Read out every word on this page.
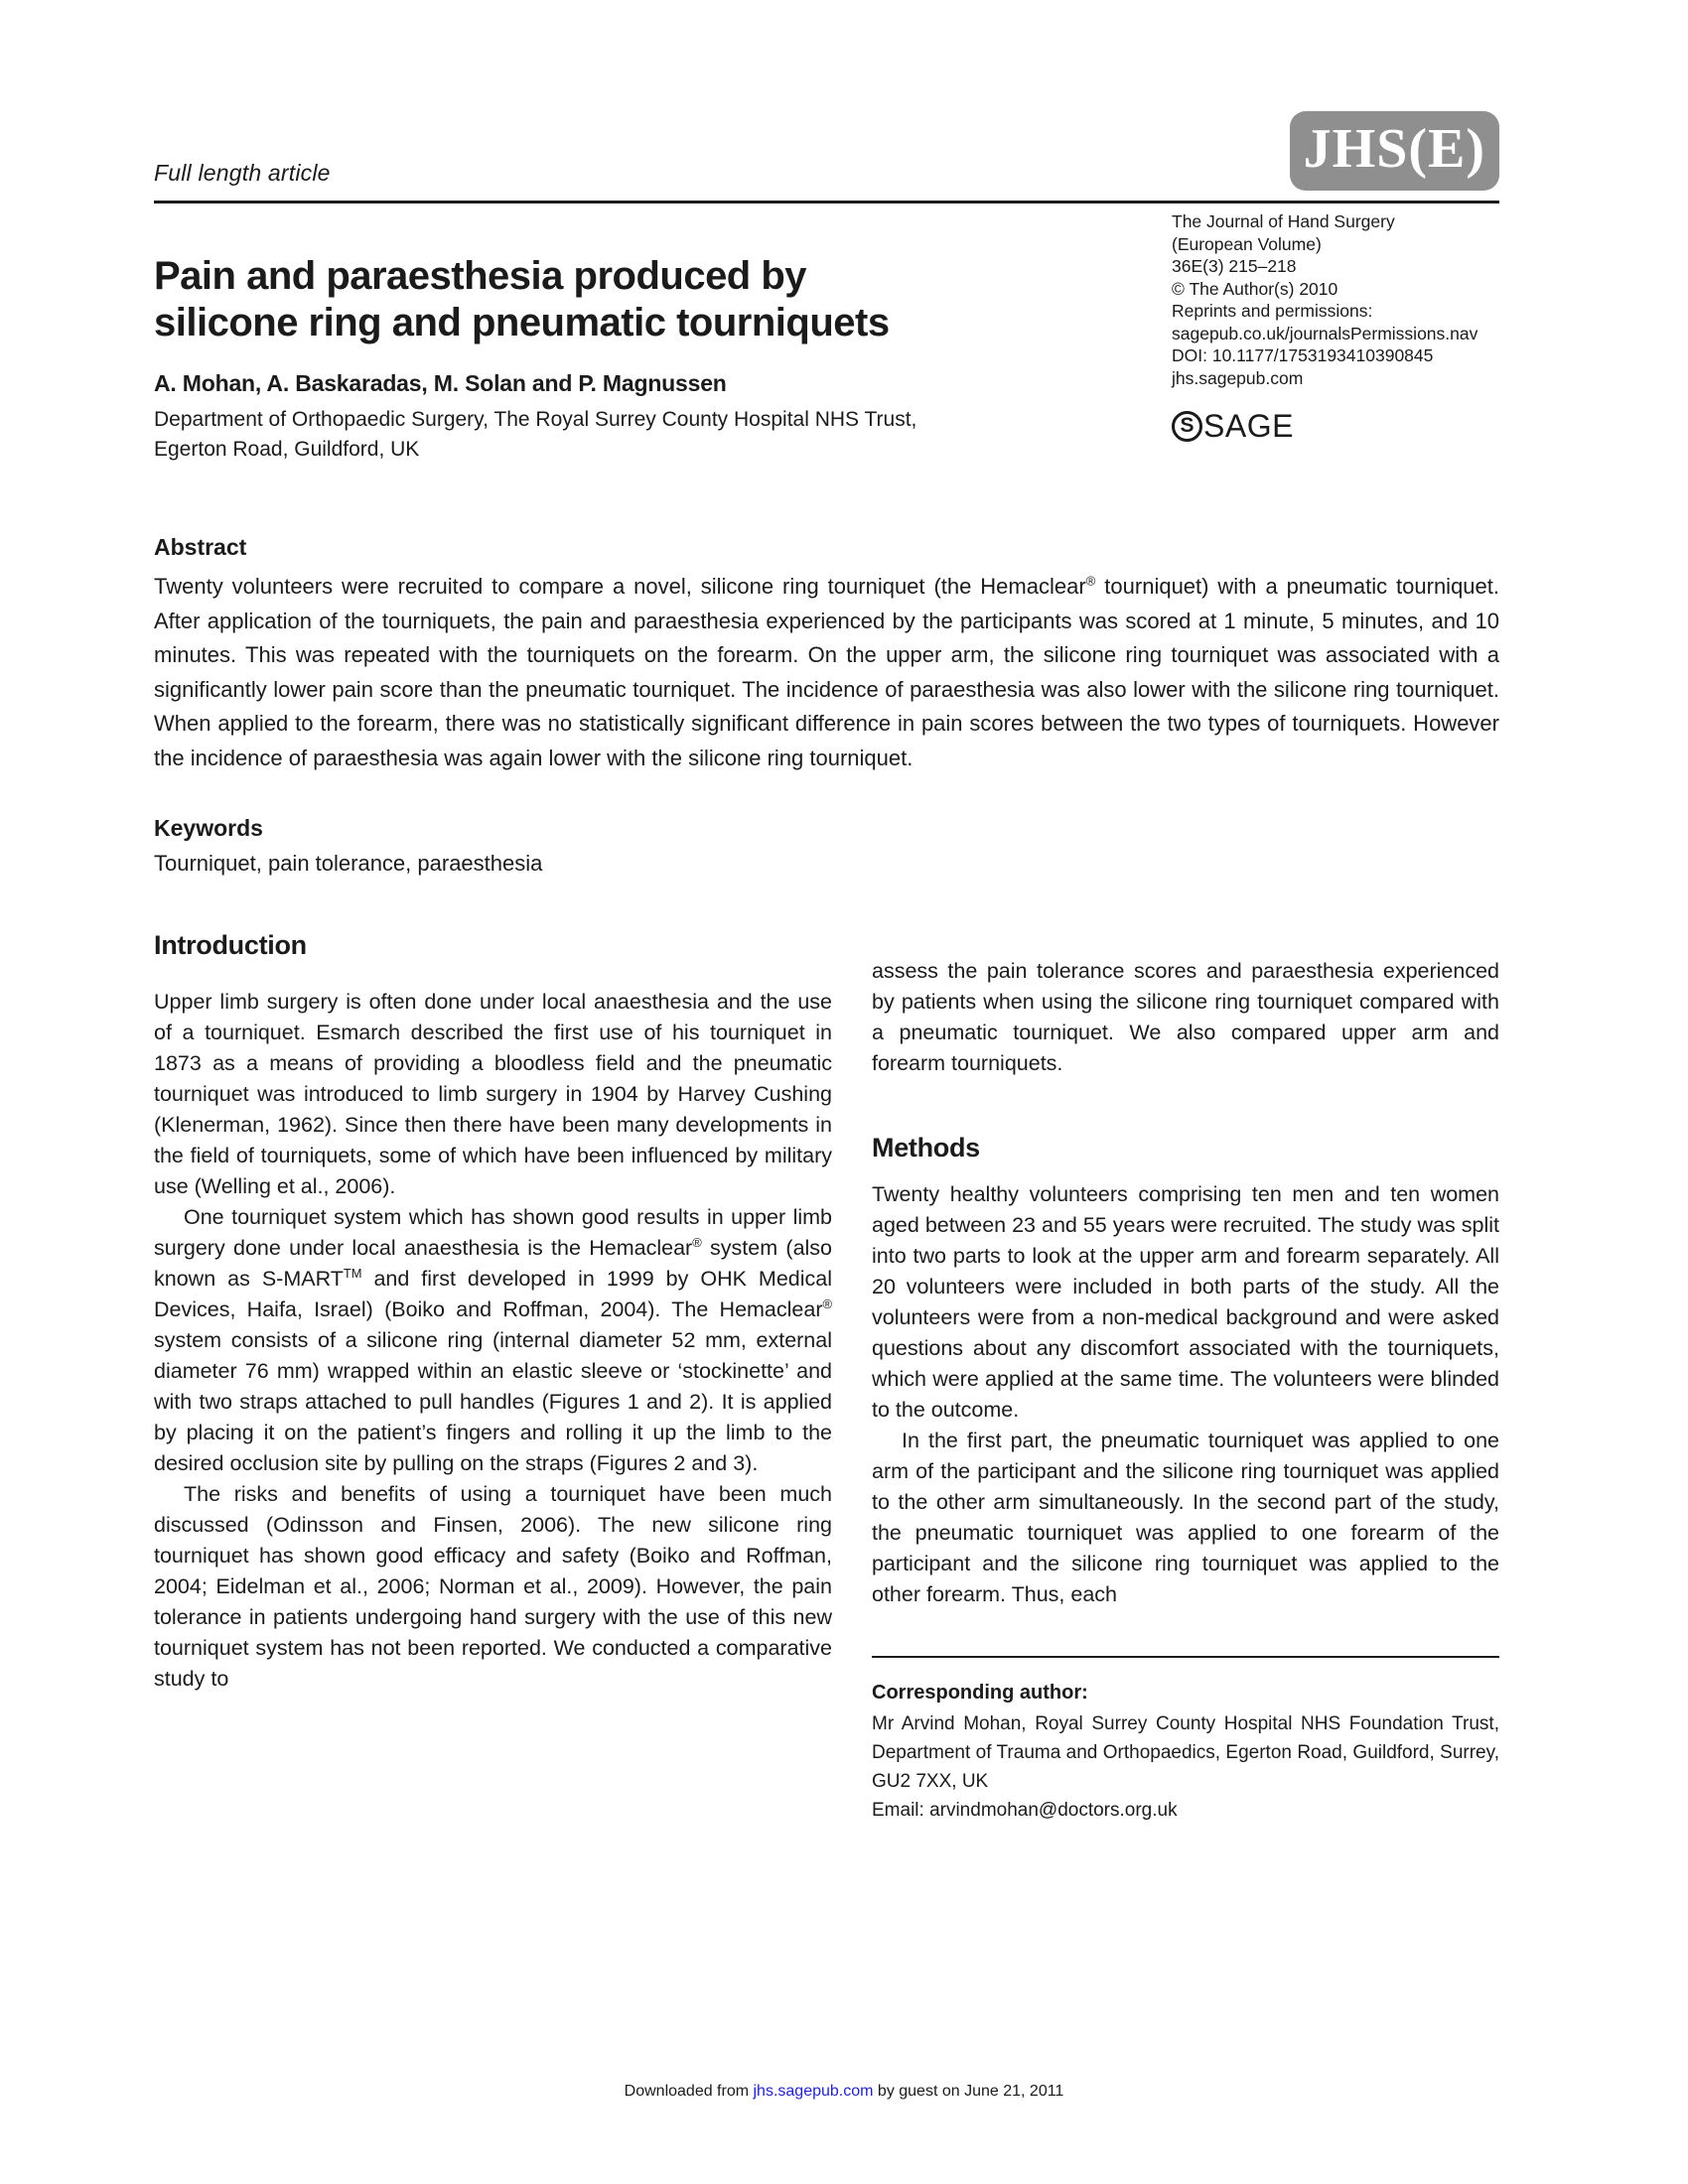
Full length article	JHS(E)
Pain and paraesthesia produced by silicone ring and pneumatic tourniquets
A. Mohan, A. Baskaradas, M. Solan and P. Magnussen
Department of Orthopaedic Surgery, The Royal Surrey County Hospital NHS Trust, Egerton Road, Guildford, UK
The Journal of Hand Surgery
(European Volume)
36E(3) 215–218
© The Author(s) 2010
Reprints and permissions:
sagepub.co.uk/journalsPermissions.nav
DOI: 10.1177/1753193410390845
jhs.sagepub.com
S SAGE
Abstract

Twenty volunteers were recruited to compare a novel, silicone ring tourniquet (the Hemaclear® tourniquet) with a pneumatic tourniquet. After application of the tourniquets, the pain and paraesthesia experienced by the participants was scored at 1 minute, 5 minutes, and 10 minutes. This was repeated with the tourniquets on the forearm. On the upper arm, the silicone ring tourniquet was associated with a significantly lower pain score than the pneumatic tourniquet. The incidence of paraesthesia was also lower with the silicone ring tourniquet. When applied to the forearm, there was no statistically significant difference in pain scores between the two types of tourniquets. However the incidence of paraesthesia was again lower with the silicone ring tourniquet.

Keywords
Tourniquet, pain tolerance, paraesthesia
Introduction

Upper limb surgery is often done under local anaesthesia and the use of a tourniquet. Esmarch described the first use of his tourniquet in 1873 as a means of providing a bloodless field and the pneumatic tourniquet was introduced to limb surgery in 1904 by Harvey Cushing (Klenerman, 1962). Since then there have been many developments in the field of tourniquets, some of which have been influenced by military use (Welling et al., 2006).

One tourniquet system which has shown good results in upper limb surgery done under local anaesthesia is the Hemaclear® system (also known as S-MART™ and first developed in 1999 by OHK Medical Devices, Haifa, Israel) (Boiko and Roffman, 2004). The Hemaclear® system consists of a silicone ring (internal diameter 52 mm, external diameter 76 mm) wrapped within an elastic sleeve or ‘stockinette’ and with two straps attached to pull handles (Figures 1 and 2). It is applied by placing it on the patient’s fingers and rolling it up the limb to the desired occlusion site by pulling on the straps (Figures 2 and 3).

The risks and benefits of using a tourniquet have been much discussed (Odinsson and Finsen, 2006). The new silicone ring tourniquet has shown good efficacy and safety (Boiko and Roffman, 2004; Eidelman et al., 2006; Norman et al., 2009). However, the pain tolerance in patients undergoing hand surgery with the use of this new tourniquet system has not been reported. We conducted a comparative study to

assess the pain tolerance scores and paraesthesia experienced by patients when using the silicone ring tourniquet compared with a pneumatic tourniquet. We also compared upper arm and forearm tourniquets.

Methods

Twenty healthy volunteers comprising ten men and ten women aged between 23 and 55 years were recruited. The study was split into two parts to look at the upper arm and forearm separately. All 20 volunteers were included in both parts of the study. All the volunteers were from a non-medical background and were asked questions about any discomfort associated with the tourniquets, which were applied at the same time. The volunteers were blinded to the outcome.

In the first part, the pneumatic tourniquet was applied to one arm of the participant and the silicone ring tourniquet was applied to the other arm simultaneously. In the second part of the study, the pneumatic tourniquet was applied to one forearm of the participant and the silicone ring tourniquet was applied to the other forearm. Thus, each

Corresponding author:
Mr Arvind Mohan, Royal Surrey County Hospital NHS Foundation Trust, Department of Trauma and Orthopaedics, Egerton Road, Guildford, Surrey, GU2 7XX, UK
Email: arvindmohan@doctors.org.uk
Downloaded from jhs.sagepub.com by guest on June 21, 2011
